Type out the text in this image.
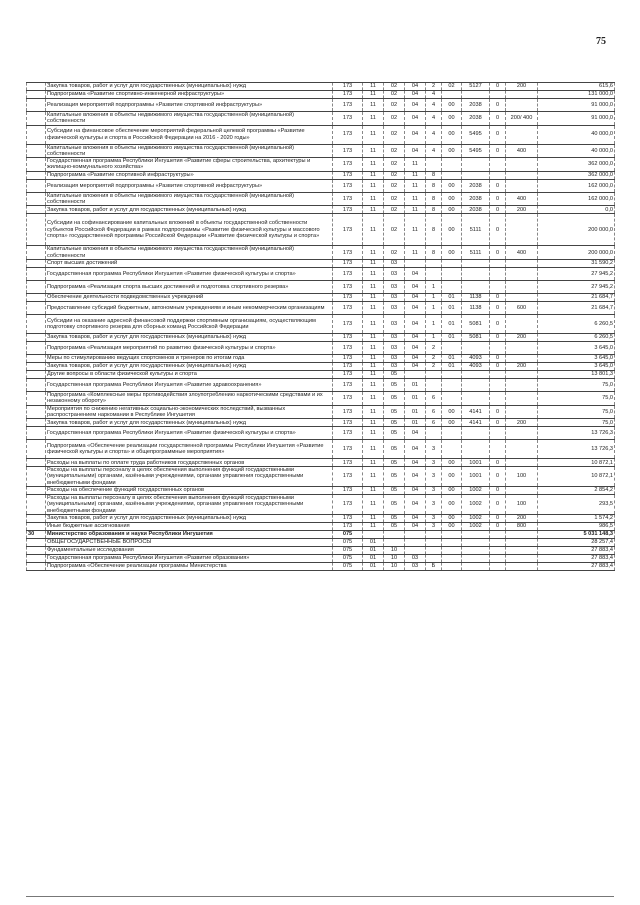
75
	Закупка товаров, работ и услуг для государственных (муниципальных) нужд	173	11	02	04	2	02	5127	0	200	615,6
	Подпрограмма «Развитие спортивно-инженерной инфраструктуры»	173	11	02	04	4					131 000,0
	Реализация мероприятий подпрограммы «Развитие спортивной инфраструктуры»	173	11	02	04	4	00	2038	0		91 000,0
	Капитальные вложения в объекты недвижимого имущества государственной (муниципальной) собственности	173	11	02	04	4	00	2038	0	200/ 400	91 000,0
	Субсидии на финансовое обеспечение мероприятий федеральной целевой программы «Развитие физической культуры и спорта в Российской Федерации на 2016 - 2020 годы»	173	11	02	04	4	00	5495	0		40 000,0
	Капитальные вложения в объекты недвижимого имущества государственной (муниципальной) собственности	173	11	02	04	4	00	5495	0	400	40 000,0
	Государственная программа Республики Ингушетия «Развитие сферы строительства, архитектуры и жилищно-коммунального хозяйства»	173	11	02	11						362 000,0
	Подпрограмма «Развитие спортивной инфраструктуры»	173	11	02	11	8					362 000,0
	Реализация мероприятий подпрограммы «Развитие спортивной инфраструктуры»	173	11	02	11	8	00	2038	0		162 000,0
	Капитальные вложения в объекты недвижимого имущества государственной (муниципальной) собственности	173	11	02	11	8	00	2038	0	400	162 000,0
	Закупка товаров, работ и услуг для государственных (муниципальных) нужд	173	11	02	11	8	00	2038	0	200	0,0
	Субсидии на софинансирование капитальных вложений в объекты государственной собственности субъектов Российской Федерации в рамках подпрограммы «Развитие физической культуры и массового спорта» государственной программы Российской Федерации «Развитие физической культуры и спорта»	173	11	02	11	8	00	5111	0		200 000,0
	Капитальные вложения в объекты недвижимого имущества государственной (муниципальной) собственности	173	11	02	11	8	00	5111	0	400	200 000,0
	Спорт высших достижений	173	11	03							31 590,2
	Государственная программа Республики Ингушетия «Развитие физической культуры и спорта»	173	11	03	04						27 945,2
	Подпрограмма «Реализация спорта высших достижений и подготовка спортивного резерва»	173	11	03	04	1					27 945,2
	Обеспечение деятельности подведомственных учреждений	173	11	03	04	1	01	1138	0		21 684,7
	Предоставление субсидий бюджетным, автономным учреждениям и иным некоммерческим организациям	173	11	03	04	1	01	1138	0	600	21 684,7
	Субсидии на оказание адресной финансовой поддержки спортивным организациям, осуществляющим подготовку спортивного резерва для сборных команд Российской Федерации	173	11	03	04	1	01	5081	0		6 260,5
	Закупка товаров, работ и услуг для государственных (муниципальных) нужд	173	11	03	04	1	01	5081	0	200	6 260,5
	Подпрограмма «Реализация мероприятий по развитию физической культуры и спорта»	173	11	03	04	2					3 645,0
	Меры по стимулированию ведущих спортсменов и тренеров по итогам года	173	11	03	04	2	01	4093	0		3 645,0
	Закупка товаров, работ и услуг для государственных (муниципальных) нужд	173	11	03	04	2	01	4093	0	200	3 645,0
	Другие вопросы в области физической культуры и спорта	173	11	05							13 801,3
	Государственная программа Республики Ингушетия «Развитие здравоохранения»	173	11	05	01						75,0
	Подпрограмма «Комплексные меры противодействия злоупотреблению наркотическими средствами и их незаконному обороту»	173	11	05	01	6					75,0
	Мероприятия по снижению негативных социально-экономических последствий, вызванных распространением наркомании в Республике Ингушетия	173	11	05	01	6	00	4141	0		75,0
	Закупка товаров, работ и услуг для государственных (муниципальных) нужд	173	11	05	01	6	00	4141	0	200	75,0
	Государственная программа Республики Ингушетия «Развитие физической культуры и спорта»	173	11	05	04						13 726,3
	Подпрограмма «Обеспечение реализации государственной программы Республики Ингушетия «Развитие физической культуры и спорта» и общепрограммные мероприятия»	173	11	05	04	3					13 726,3
	Расходы на выплаты по оплате труда работников государственных органов	173	11	05	04	3	00	1001	0		10 872,1
	Расходы на выплаты персоналу в целях обеспечения выполнения функций государственными (муниципальными) органами, казёнными учреждениями, органами управления государственными внебюджетными фондами	173	11	05	04	3	00	1001	0	100	10 872,1
	Расходы на обеспечение функций государственных органов	173	11	05	04	3	00	1002	0		2 854,2
	Расходы на выплаты персоналу в целях обеспечения выполнения функций государственными (муниципальными) органами, казёнными учреждениями, органами управления государственными внебюджетными фондами	173	11	05	04	3	00	1002	0	100	293,5
	Закупка товаров, работ и услуг для государственных (муниципальных) нужд	173	11	05	04	3	00	1002	0	200	1 574,2
	Иные бюджетные ассигнования	173	11	05	04	3	00	1002	0	800	986,5
30	Министерство образования и науки Республики Ингушетия	075									5 031 148,3
	ОБЩЕГОСУДАРСТВЕННЫЕ ВОПРОСЫ	075	01								28 257,4
	Фундаментальные исследования	075	01	10							27 883,4
	Государственная программа Республики Ингушетия «Развитие образования»	075	01	10	03						27 883,4
	Подпрограмма «Обеспечение реализации программы Министерства	075	01	10	03	Б					27 883,4
